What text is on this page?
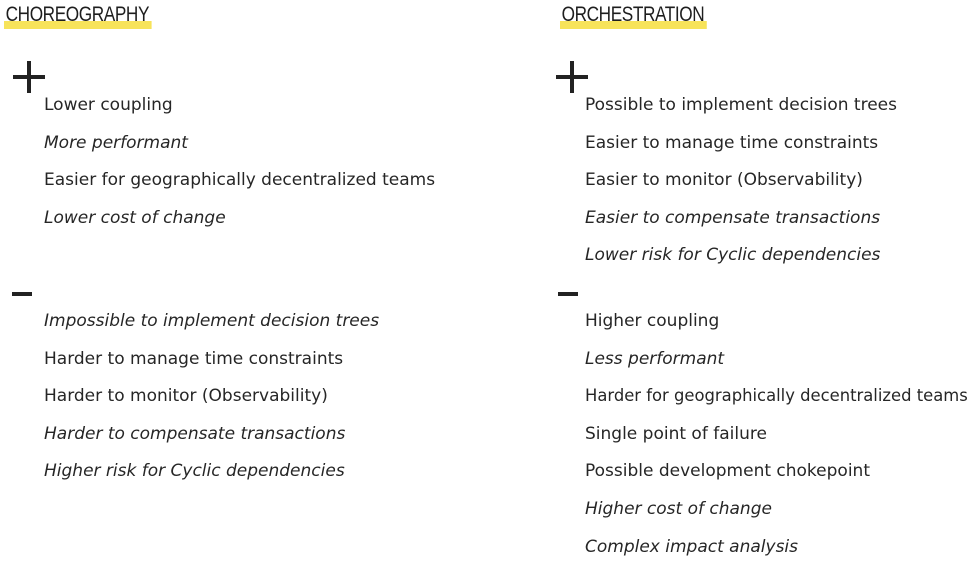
CHOREOGRAPHY
Lower coupling
More performant
Easier for geographically decentralized teams
Lower cost of change
Impossible to implement decision trees
Harder to manage time constraints
Harder to monitor (Observability)
Harder to compensate transactions
Higher risk for Cyclic dependencies
ORCHESTRATION
Possible to implement decision trees
Easier to manage time constraints
Easier to monitor (Observability)
Easier to compensate transactions
Lower risk for Cyclic dependencies
Higher coupling
Less performant
Harder for geographically decentralized teams
Single point of failure
Possible development chokepoint
Higher cost of change
Complex impact analysis
